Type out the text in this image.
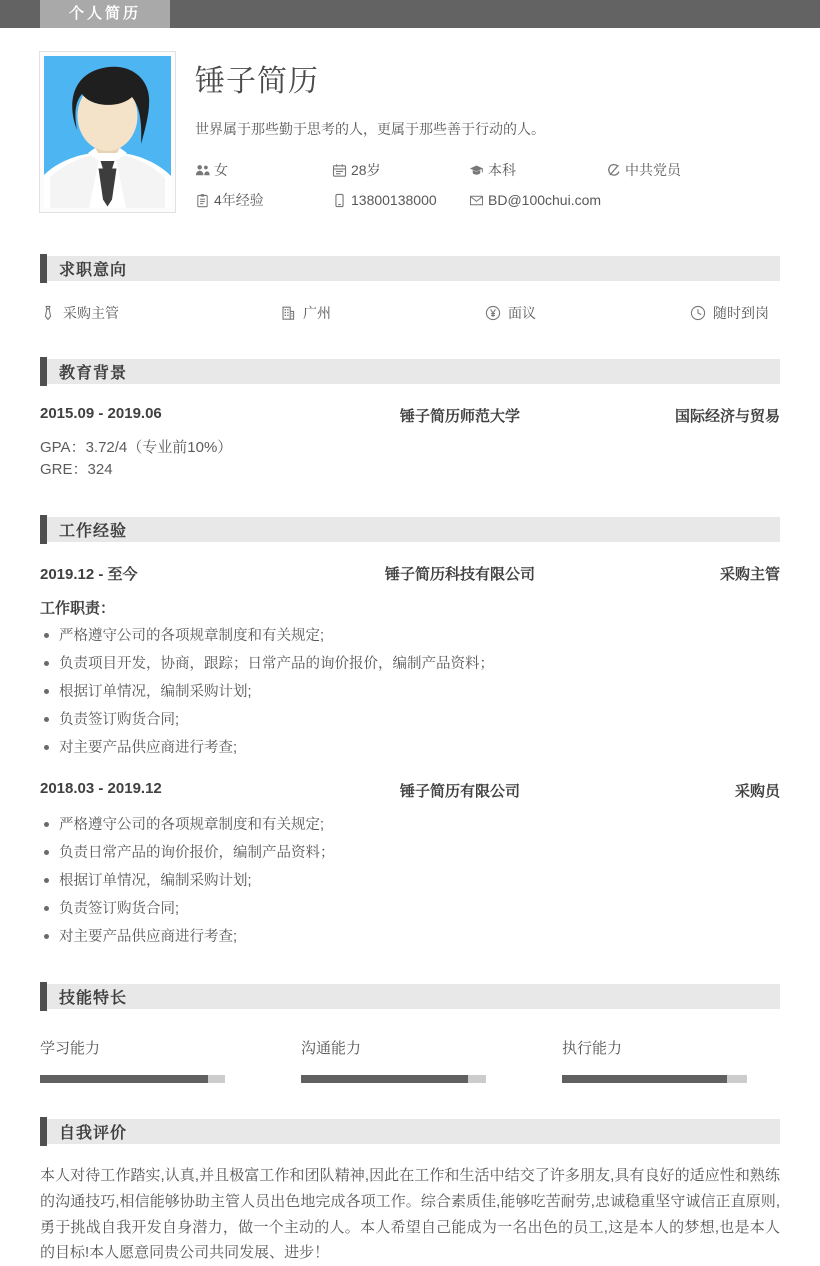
个人简历
锤子简历

世界属于那些勤于思考的人，更属于那些善于行动的人。

女	28岁	本科	中共党员
4年经验	13800138000	BD@100chui.com
求职意向
采购主管	广州	面议	随时到岗
教育背景
2015.09 - 2019.06	锤子简历师范大学	国际经济与贸易
GPA：3.72/4（专业前10%）
GRE：324
工作经验
2019.12 - 至今	锤子简历科技有限公司	采购主管
工作职责：
严格遵守公司的各项规章制度和有关规定;
负责项目开发，协商，跟踪；日常产品的询价报价，编制产品资料；
根据订单情况，编制采购计划;
负责签订购货合同;
对主要产品供应商进行考查;
2018.03 - 2019.12	锤子简历有限公司	采购员
严格遵守公司的各项规章制度和有关规定;
负责日常产品的询价报价，编制产品资料；
根据订单情况，编制采购计划;
负责签订购货合同;
对主要产品供应商进行考查;
技能特长
学习能力	沟通能力	执行能力
自我评价

本人对待工作踏实,认真,并且极富工作和团队精神,因此在工作和生活中结交了许多朋友,具有良好的适应性和熟练的沟通技巧,相信能够协助主管人员出色地完成各项工作。综合素质佳,能够吃苦耐劳,忠诚稳重坚守诚信正直原则,勇于挑战自我开发自身潜力，做一个主动的人。本人希望自己能成为一名出色的员工,这是本人的梦想,也是本人的目标!本人愿意同贵公司共同发展、进步！
